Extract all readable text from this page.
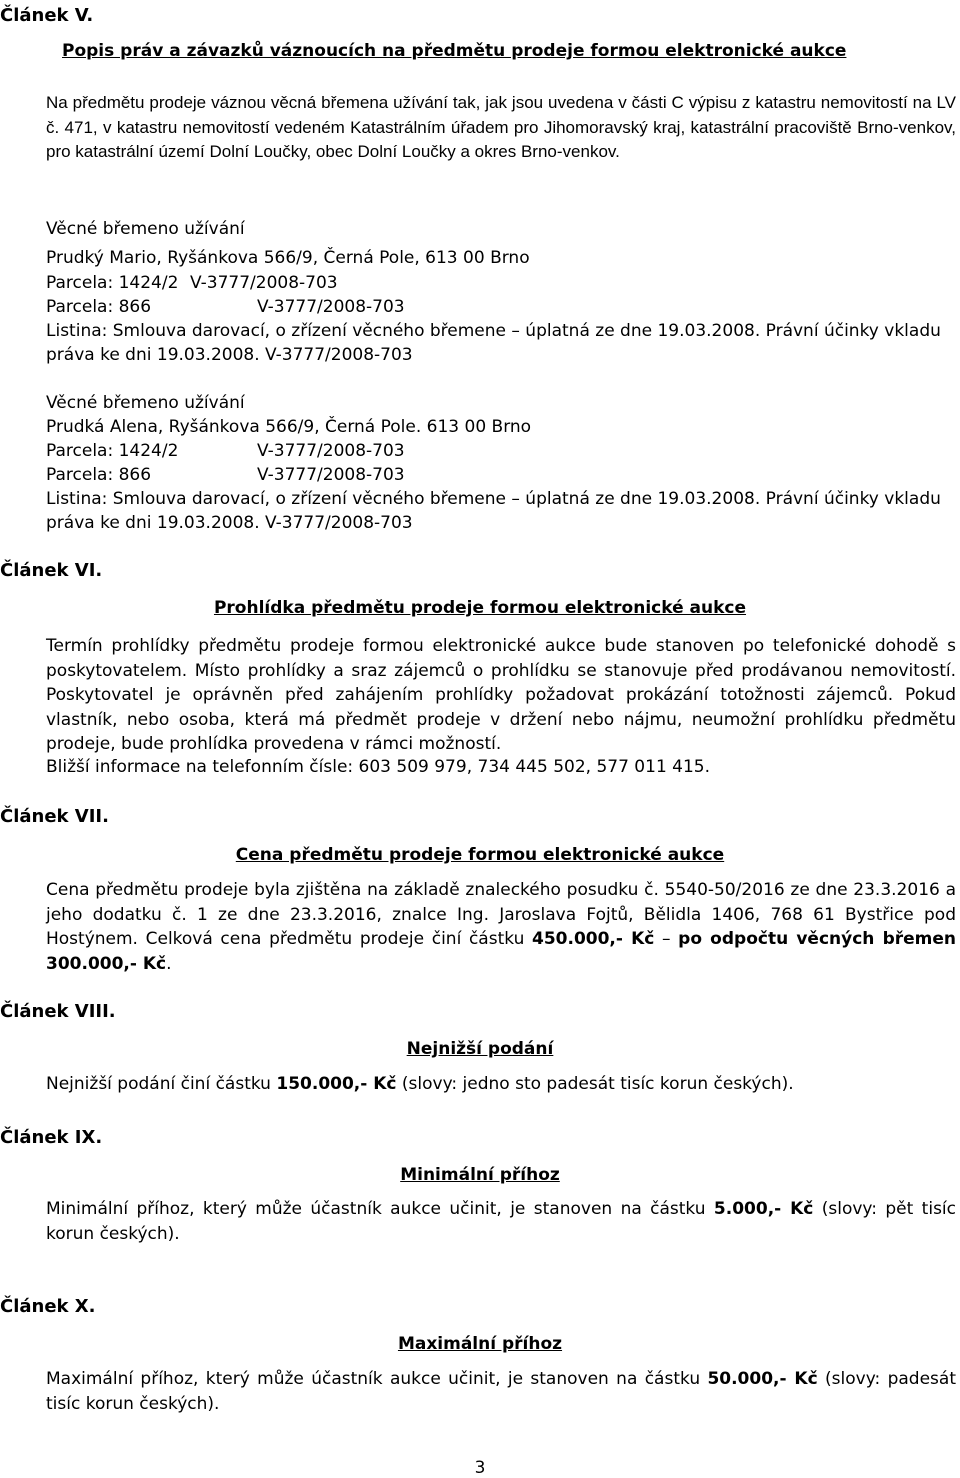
Článek V.
Popis práv a závazků váznoucích na předmětu prodeje formou elektronické aukce
Na předmětu prodeje váznou věcná břemena užívání tak, jak jsou uvedena v části C výpisu z katastru nemovitostí na LV č. 471, v katastru nemovitostí vedeném Katastrálním úřadem pro Jihomoravský kraj, katastrální pracoviště Brno-venkov, pro katastrální území Dolní Loučky, obec Dolní Loučky a okres Brno-venkov.
Věcné břemeno užívání
Prudký Mario, Ryšánkova 566/9, Černá Pole, 613 00 Brno
Parcela: 1424/2 V-3777/2008-703
Parcela: 866	V-3777/2008-703
Listina: Smlouva darovací, o zřízení věcného břemene – úplatná ze dne 19.03.2008. Právní účinky vkladu
práva ke dni 19.03.2008. V-3777/2008-703
Věcné břemeno užívání
Prudká Alena, Ryšánkova 566/9, Černá Pole. 613 00 Brno
Parcela: 1424/2	V-3777/2008-703
Parcela: 866	V-3777/2008-703
Listina: Smlouva darovací, o zřízení věcného břemene – úplatná ze dne 19.03.2008. Právní účinky vkladu
práva ke dni 19.03.2008. V-3777/2008-703
Článek VI.
Prohlídka předmětu prodeje formou elektronické aukce
Termín prohlídky předmětu prodeje formou elektronické aukce bude stanoven po telefonické dohodě s poskytovatelem. Místo prohlídky a sraz zájemců o prohlídku se stanovuje před prodávanou nemovitostí. Poskytovatel je oprávněn před zahájením prohlídky požadovat prokázání totožnosti zájemců. Pokud vlastník, nebo osoba, která má předmět prodeje v držení nebo nájmu, neumožní prohlídku předmětu prodeje, bude prohlídka provedena v rámci možností.
Bližší informace na telefonním čísle: 603 509 979, 734 445 502, 577 011 415.
Článek VII.
Cena předmětu prodeje formou elektronické aukce
Cena předmětu prodeje byla zjištěna na základě znaleckého posudku č. 5540-50/2016 ze dne 23.3.2016 a jeho dodatku č. 1 ze dne 23.3.2016, znalce Ing. Jaroslava Fojtů, Bělidla 1406, 768 61 Bystřice pod Hostýnem. Celková cena předmětu prodeje činí částku 450.000,- Kč – po odpočtu věcných břemen 300.000,- Kč.
Článek VIII.
Nejnižší podání
Nejnižší podání činí částku 150.000,- Kč (slovy: jedno sto padesát tisíc korun českých).
Článek IX.
Minimální příhoz
Minimální příhoz, který může účastník aukce učinit, je stanoven na částku 5.000,- Kč (slovy: pět tisíc korun českých).
Článek X.
Maximální příhoz
Maximální příhoz, který může účastník aukce učinit, je stanoven na částku 50.000,- Kč (slovy: padesát tisíc korun českých).
3
